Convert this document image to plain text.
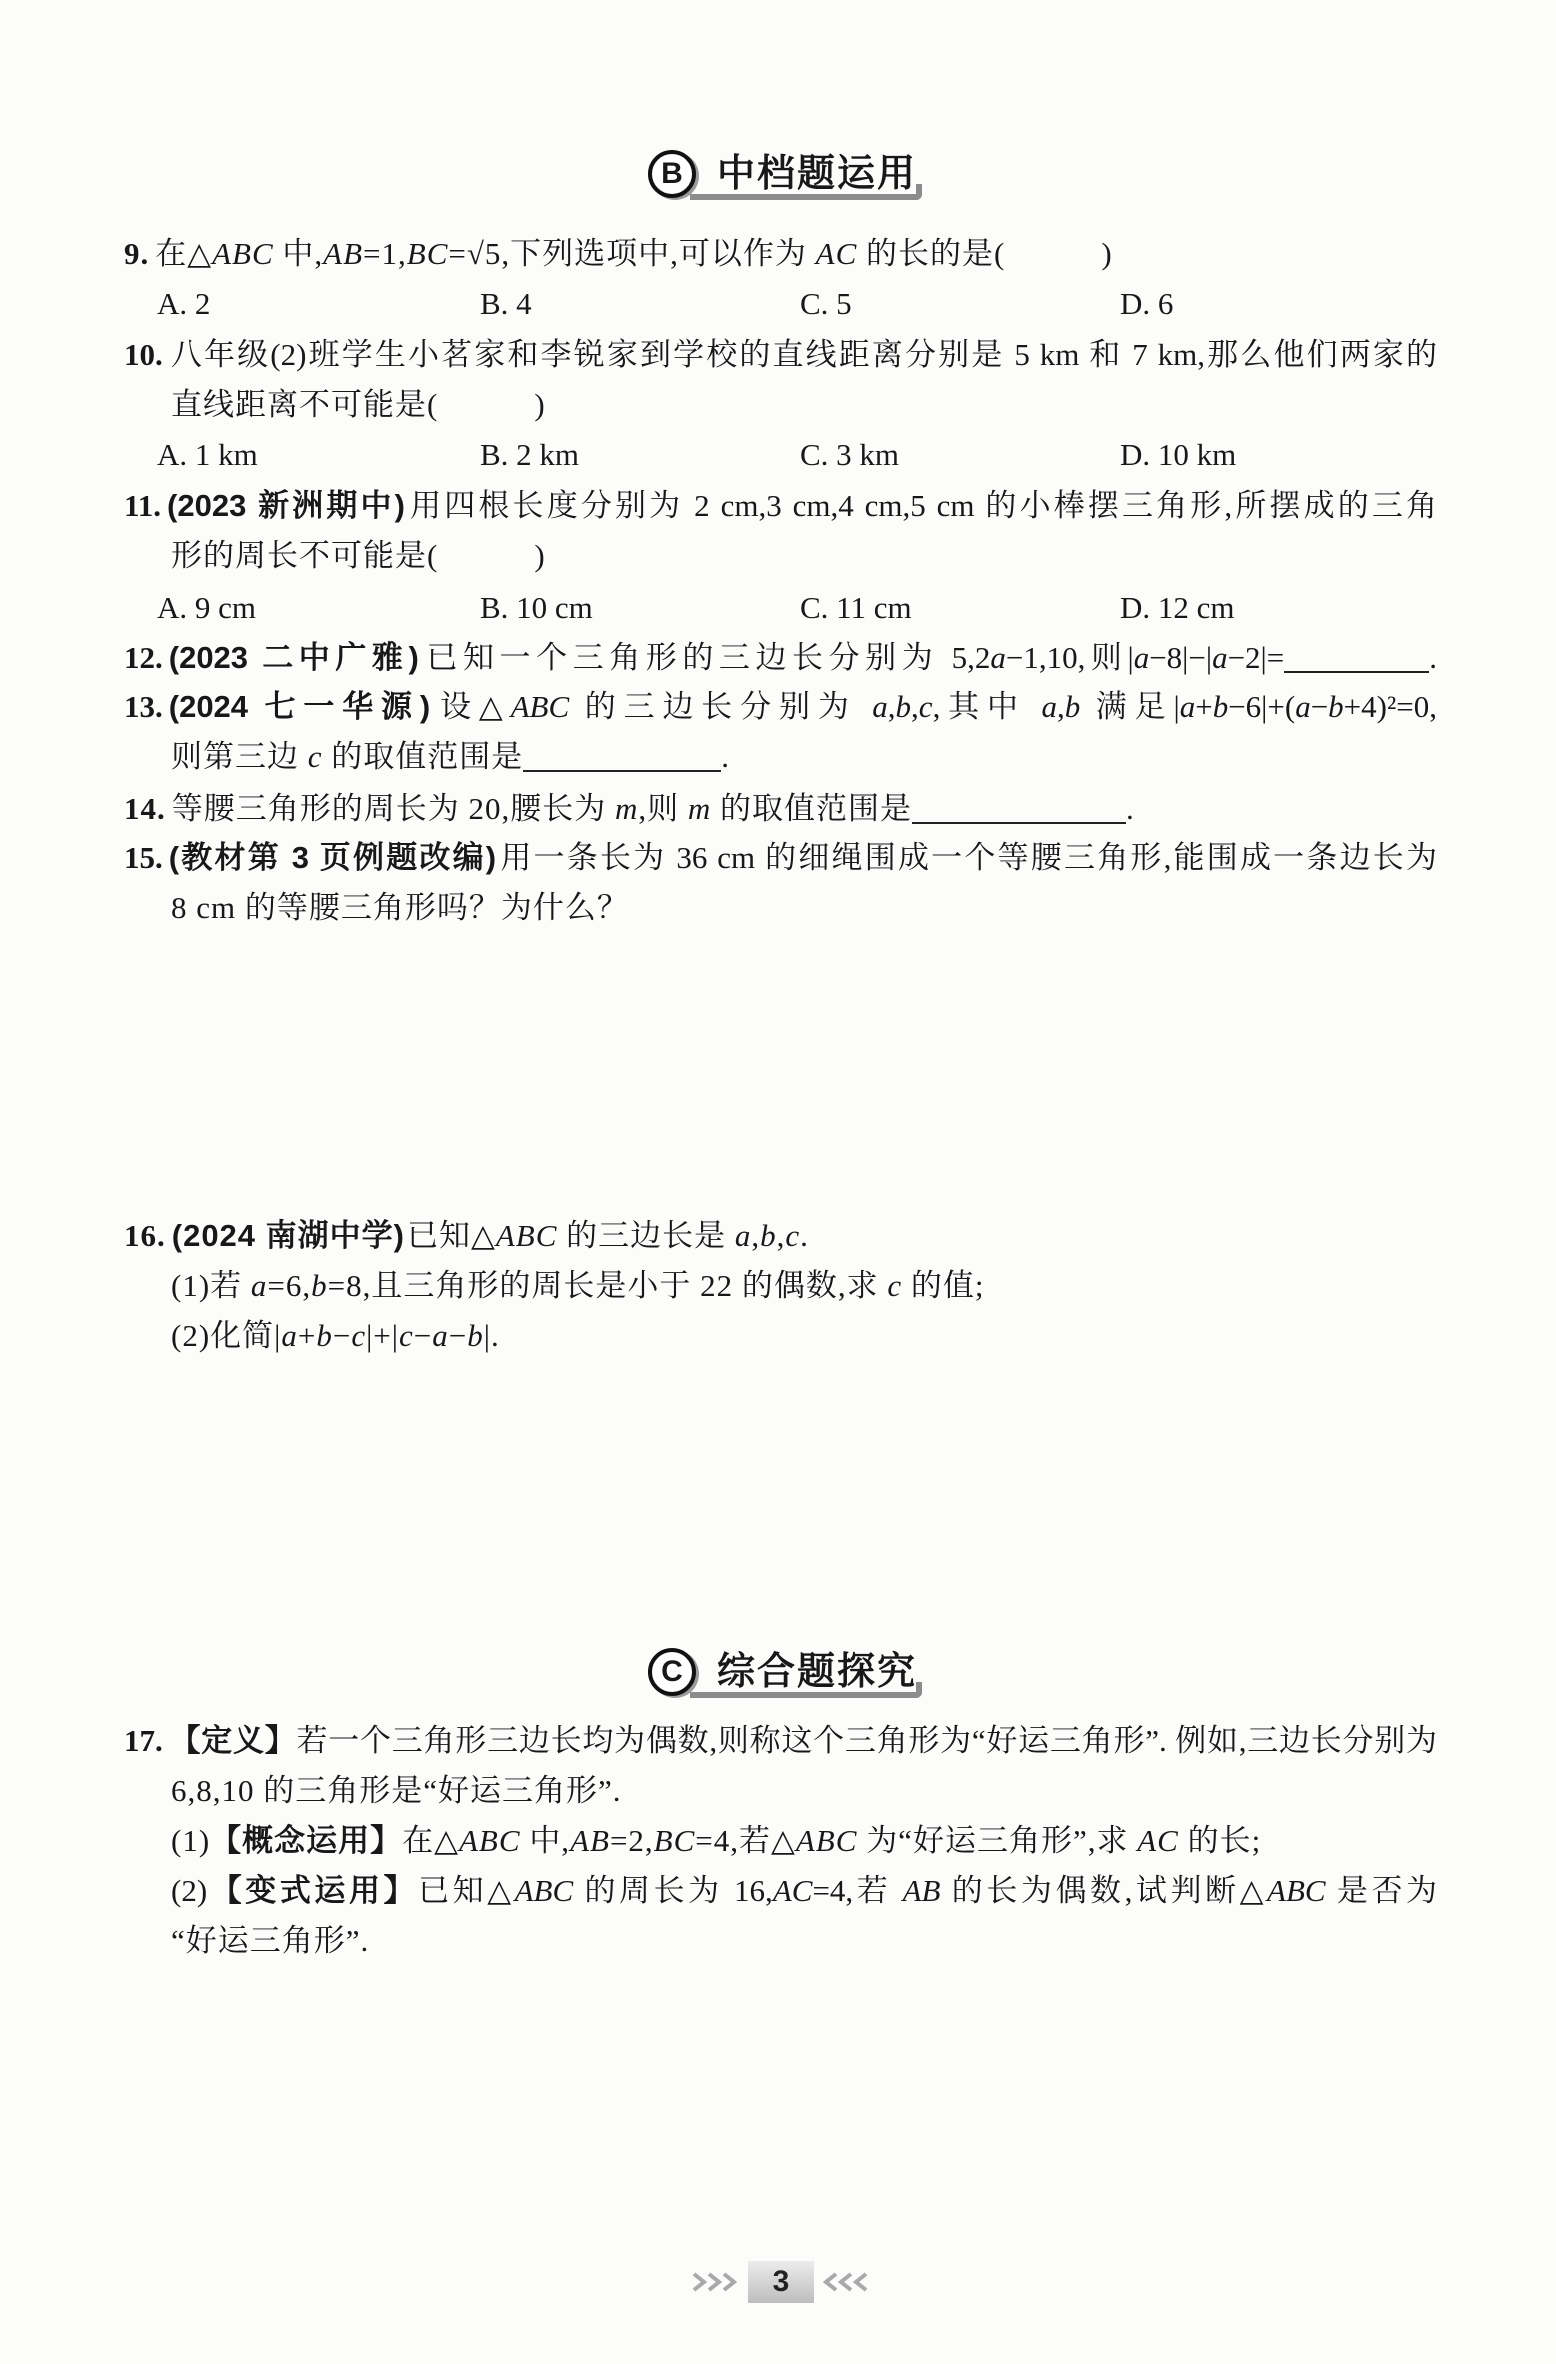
B 中档题运用
9. 在△ABC 中,AB=1,BC=√5,下列选项中,可以作为 AC 的长的是(　　　)
A. 2	B. 4	C. 5	D. 6
10. 八年级(2)班学生小茗家和李锐家到学校的直线距离分别是 5 km 和 7 km,那么他们两家的
直线距离不可能是(　　　)
A. 1 km	B. 2 km	C. 3 km	D. 10 km
11. (2023 新洲期中)用四根长度分别为 2 cm,3 cm,4 cm,5 cm 的小棒摆三角形,所摆成的三角
形的周长不可能是(　　　)
A. 9 cm	B. 10 cm	C. 11 cm	D. 12 cm
12. (2023 二中广雅)已知一个三角形的三边长分别为 5,2a−1,10,则|a−8|−|a−2|=	.
13. (2024 七一华源)设△ABC 的三边长分别为 a,b,c,其中 a,b 满足|a+b−6|+(a−b+4)²=0,
则第三边 c 的取值范围是	.
14. 等腰三角形的周长为 20,腰长为 m,则 m 的取值范围是	.
15. (教材第 3 页例题改编)用一条长为 36 cm 的细绳围成一个等腰三角形,能围成一条边长为
8 cm 的等腰三角形吗？为什么？
16. (2024 南湖中学)已知△ABC 的三边长是 a,b,c.
(1)若 a=6,b=8,且三角形的周长是小于 22 的偶数,求 c 的值;
(2)化简|a+b−c|+|c−a−b|.
C 综合题探究
17. 【定义】若一个三角形三边长均为偶数,则称这个三角形为“好运三角形”. 例如,三边长分别为
6,8,10 的三角形是“好运三角形”.
(1)【概念运用】在△ABC 中,AB=2,BC=4,若△ABC 为“好运三角形”,求 AC 的长;
(2)【变式运用】已知△ABC 的周长为 16,AC=4,若 AB 的长为偶数,试判断△ABC 是否为
“好运三角形”.
3
